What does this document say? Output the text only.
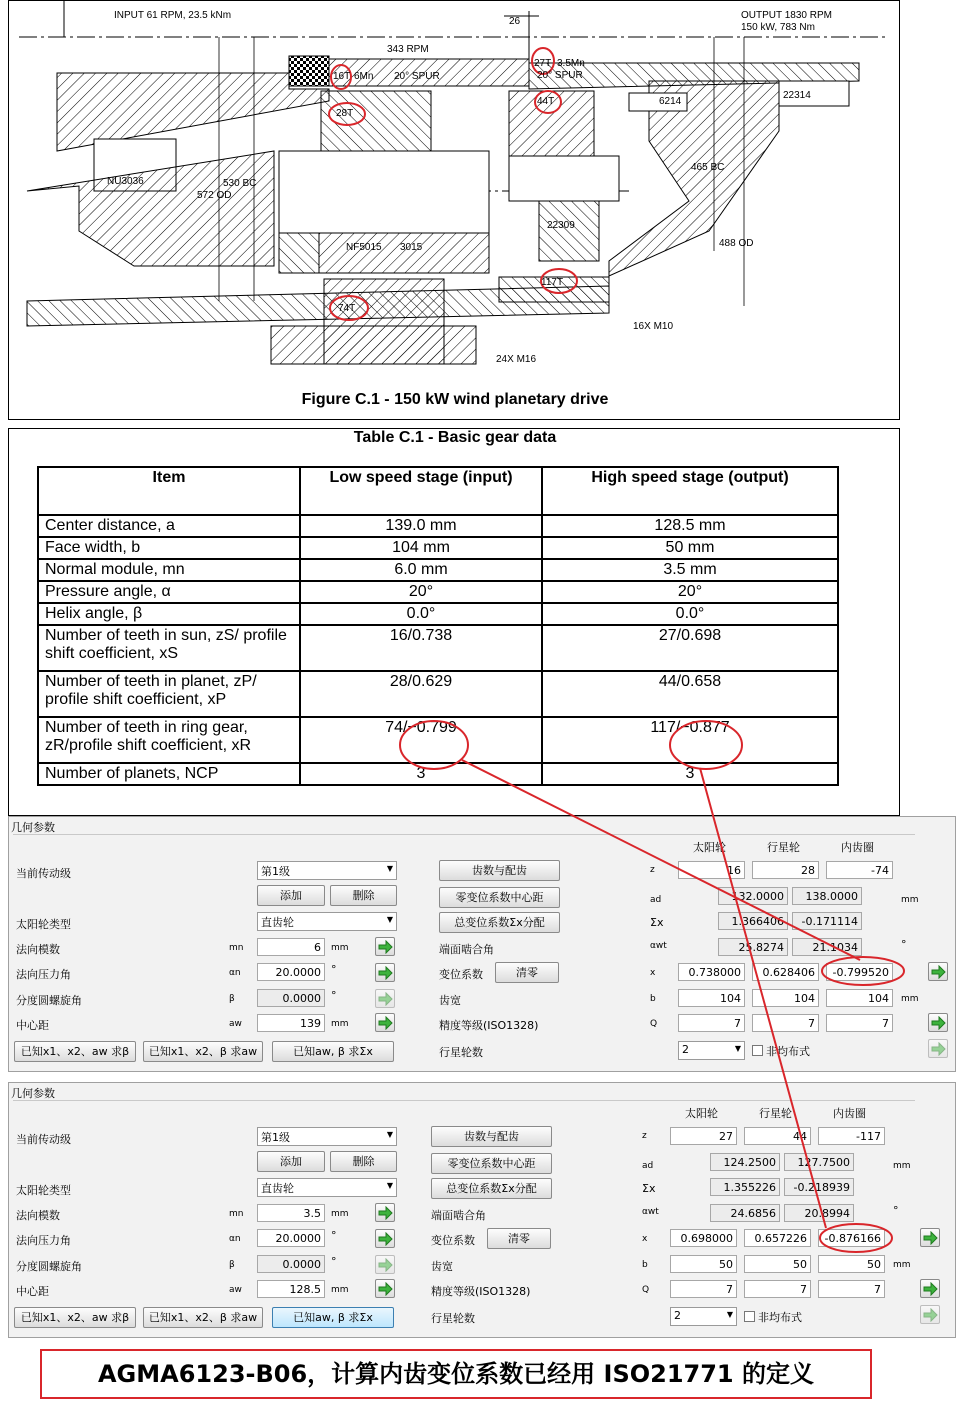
INPUT 61 RPM, 23.5 kNm	OUTPUT 1830 RPM
150 kW, 783 Nm
26
343 RPM
16T 6Mn 20° SPUR
27T 3.5Mn
20° SPUR
28T
44T	6214
22314
NU3036	530 BC
572 OD
465 BC
NF5015 3015
22309
488 OD
117T
74T
16X M10
24X M16
Figure C.1 - 150 kW wind planetary drive
Table C.1 - Basic gear data
Item	Low speed stage (input)	High speed stage (output)
Center distance, a	139.0 mm	128.5 mm
Face width, b	104 mm	50 mm
Normal module, mn	6.0 mm	3.5 mm
Pressure angle, α	20°	20°
Helix angle, β	0.0°	0.0°
Number of teeth in sun, zS/ profile shift coefficient, xS	16/0.738	27/0.698
Number of teeth in planet, zP/ profile shift coefficient, xP	28/0.629	44/0.658
Number of teeth in ring gear, zR/profile shift coefficient, xR	74/−0.799	117/−0.877
Number of planets, NCP	3	3
几何参数
当前传动级	第1级	▼
添加	删除
太阳轮类型	直齿轮	▼
法向模数	mn	6	mm
法向压力角	αn	20.0000 °
分度圆螺旋角	β	0.0000 °
中心距	aw	139	mm
已知x1、x2、aw 求β	已知x1、x2、β 求aw	已知aw, β 求Σx
齿数与配齿
零变位系数中心距
总变位系数Σx分配
端面啮合角
变位系数	清零
齿宽
精度等级(ISO1328)
行星轮数
太阳轮	行星轮	内齿圈
z	16	28	-74
ad	132.0000	138.0000	mm
Σx	1.366406	-0.171114
αwt	25.8274	21.1034	°
x	0.738000	0.628406	-0.799520
b	104	104	104	mm
Q	7	7	7
2	▼ 非均布式
几何参数
当前传动级	第1级	▼
添加	删除
太阳轮类型	直齿轮	▼
法向模数	mn	3.5	mm
法向压力角	αn	20.0000 °
分度圆螺旋角	β	0.0000 °
中心距	aw	128.5	mm
已知x1、x2、aw 求β	已知x1、x2、β 求aw	已知aw, β 求Σx
齿数与配齿
零变位系数中心距
总变位系数Σx分配
端面啮合角
变位系数	清零
齿宽
精度等级(ISO1328)
行星轮数
太阳轮	行星轮	内齿圈
z	27	44	-117
ad	124.2500	127.7500	mm
Σx	1.355226	-0.218939
αwt	24.6856	20.8994	°
x	0.698000	0.657226	-0.876166
b	50	50	50	mm
Q	7	7	7
2	▼ 非均布式
AGMA6123-B06，计算内齿变位系数已经用 ISO21771 的定义
